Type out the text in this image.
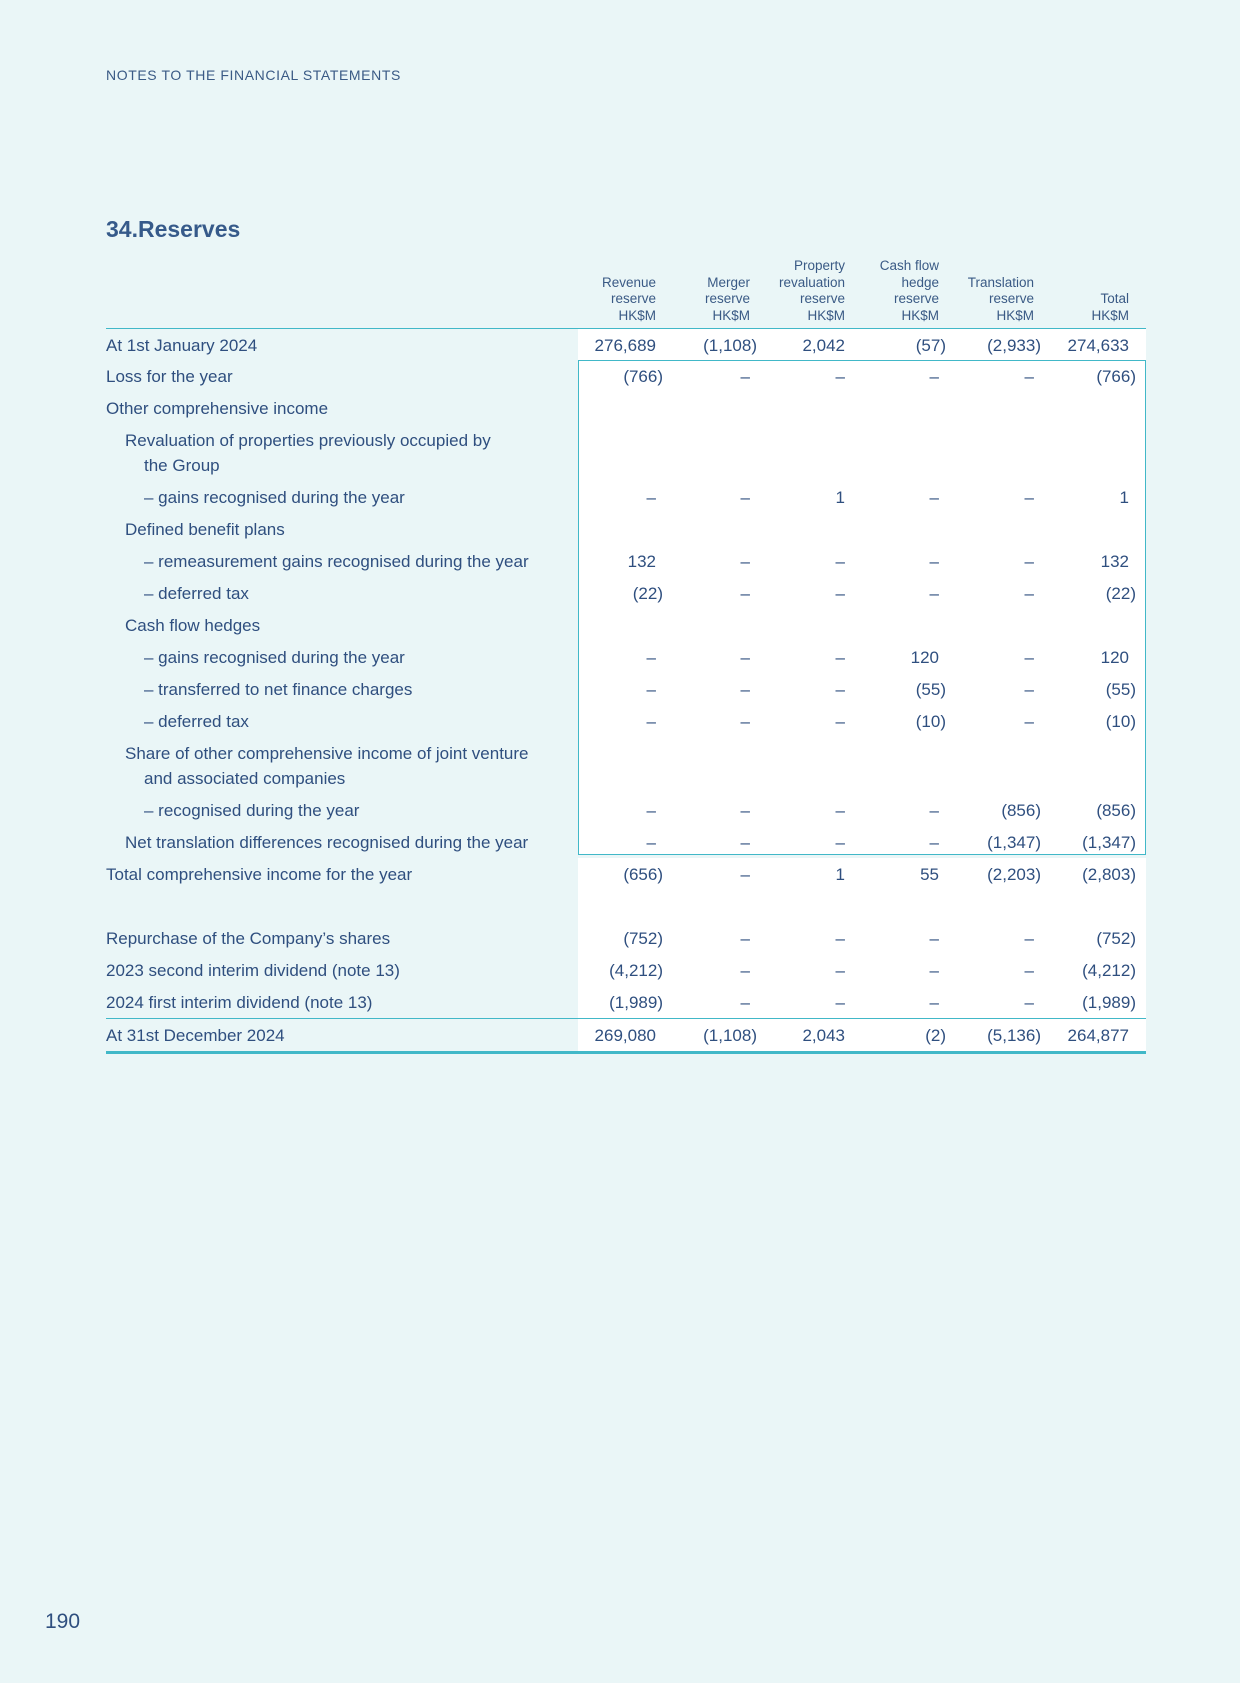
NOTES TO THE FINANCIAL STATEMENTS
34.Reserves
Revenue
reserve
HK$M
Merger
reserve
HK$M
Property
revaluation
reserve
HK$M
Cash flow
hedge
reserve
HK$M
Translation
reserve
HK$M
Total
HK$M
At 1st January 2024	276,689	(1,108)	2,042	(57) (2,933) 274,633
Loss for the year	(766)	–	–	–	–	(766)
Other comprehensive income
Revaluation of properties previously occupied by
the Group
– gains recognised during the year	–	–	1	–	–	1
Defined benefit plans
– remeasurement gains recognised during the year	132	–	–	–	–	132
– deferred tax	(22)	–	–	–	–	(22)
Cash flow hedges
– gains recognised during the year	–	–	–	120	–	120
– transferred to net finance charges	–	–	–	(55)	–	(55)
– deferred tax	–	–	–	(10)	–	(10)
Share of other comprehensive income of joint venture
and associated companies
– recognised during the year	–	–	–	–	(856)	(856)
Net translation differences recognised during the year	–	–	–	–	(1,347) (1,347)
Total comprehensive income for the year	(656)	–	1	55	(2,203) (2,803)
Repurchase of the Company’s shares	(752)	–	–	–	–	(752)
2023 second interim dividend (note 13)	(4,212)	–	–	–	–	(4,212)
2024 first interim dividend (note 13)	(1,989)	–	–	–	–	(1,989)
At 31st December 2024	269,080	(1,108)	2,043	(2) (5,136) 264,877
190
